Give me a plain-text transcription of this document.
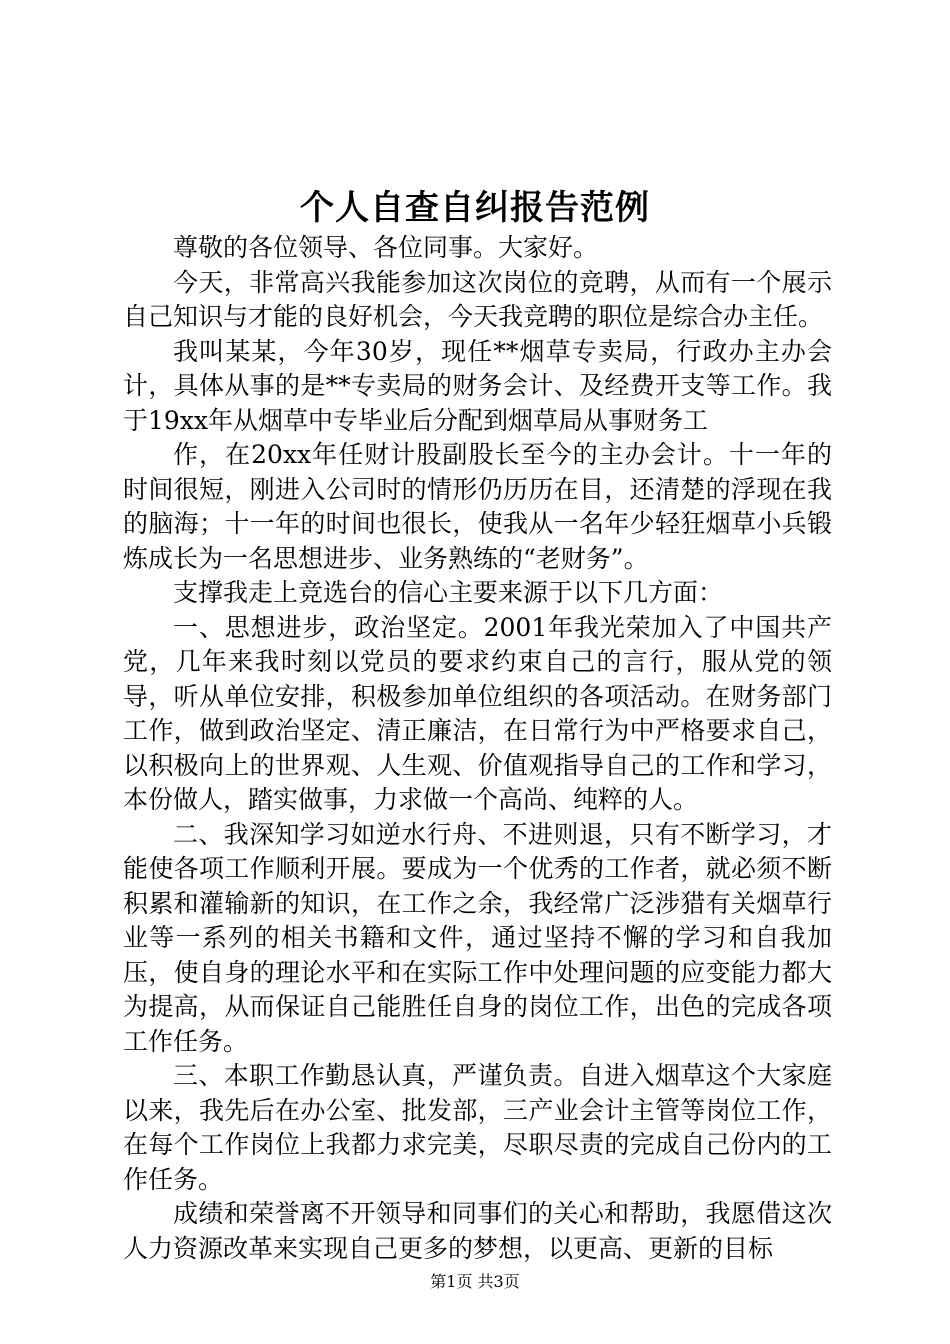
个人自查自纠报告范例

尊敬的各位领导、各位同事。大家好。

今天，非常高兴我能参加这次岗位的竞聘，从而有一个展示自己知识与才能的良好机会，今天我竞聘的职位是综合办主任。

我叫某某，今年30岁，现任**烟草专卖局，行政办主办会计，具体从事的是**专卖局的财务会计、及经费开支等工作。我于19xx年从烟草中专毕业后分配到烟草局从事财务工

作，在20xx年任财计股副股长至今的主办会计。十一年的时间很短，刚进入公司时的情形仍历历在目，还清楚的浮现在我的脑海；十一年的时间也很长，使我从一名年少轻狂烟草小兵锻炼成长为一名思想进步、业务熟练的“老财务”。

支撑我走上竞选台的信心主要来源于以下几方面：

一、思想进步，政治坚定。2001年我光荣加入了中国共产党，几年来我时刻以党员的要求约束自己的言行，服从党的领导，听从单位安排，积极参加单位组织的各项活动。在财务部门工作，做到政治坚定、清正廉洁，在日常行为中严格要求自己，以积极向上的世界观、人生观、价值观指导自己的工作和学习，本份做人，踏实做事，力求做一个高尚、纯粹的人。

二、我深知学习如逆水行舟、不进则退，只有不断学习，才能使各项工作顺利开展。要成为一个优秀的工作者，就必须不断积累和灌输新的知识，在工作之余，我经常广泛涉猎有关烟草行业等一系列的相关书籍和文件，通过坚持不懈的学习和自我加压，使自身的理论水平和在实际工作中处理问题的应变能力都大为提高，从而保证自己能胜任自身的岗位工作，出色的完成各项工作任务。

三、本职工作勤恳认真，严谨负责。自进入烟草这个大家庭以来，我先后在办公室、批发部，三产业会计主管等岗位工作，在每个工作岗位上我都力求完美，尽职尽责的完成自己份内的工作任务。

成绩和荣誉离不开领导和同事们的关心和帮助，我愿借这次人力资源改革来实现自己更多的梦想，以更高、更新的目标

第1页 共3页
